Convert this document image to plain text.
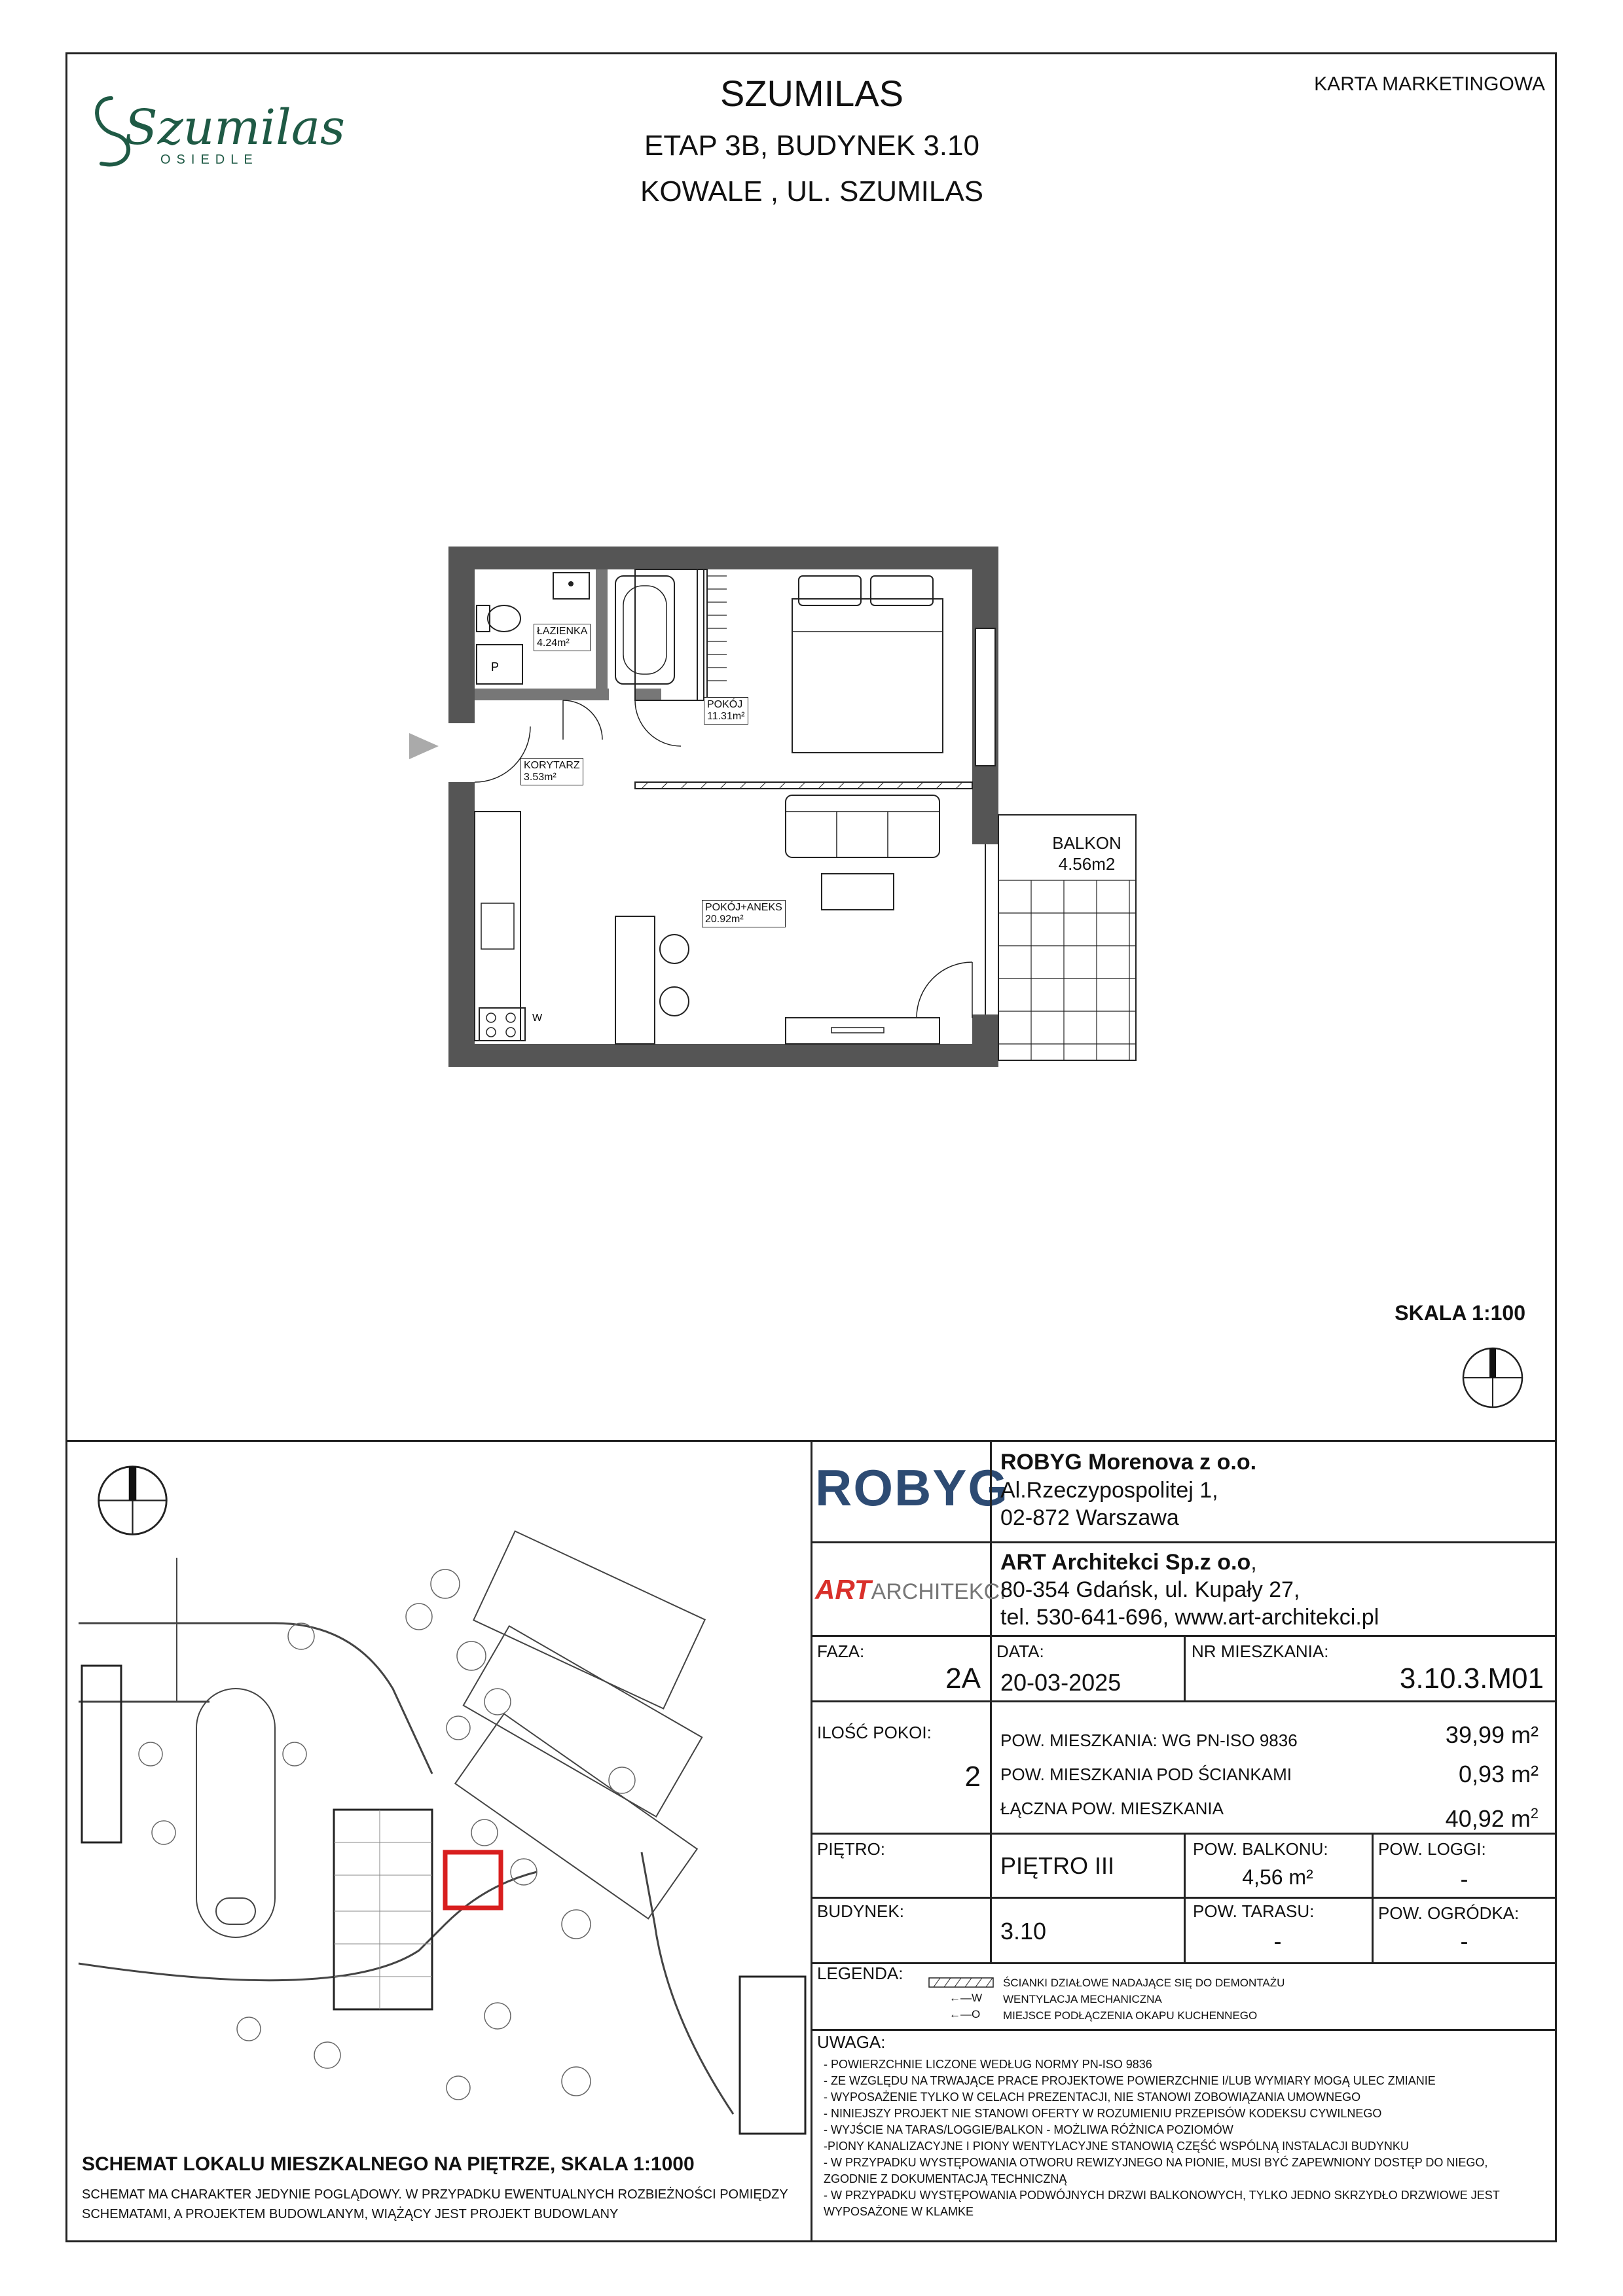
Szumilas
OSIEDLE
SZUMILAS
ETAP 3B, BUDYNEK 3.10
KOWALE , UL. SZUMILAS
KARTA MARKETINGOWA
P
W
ŁAZIENKA
4.24m²
POKÓJ
11.31m²
KORYTARZ
3.53m²
POKÓJ+ANEKS
20.92m²
BALKON
4.56m2
SKALA 1:100
SCHEMAT LOKALU MIESZKALNEGO NA PIĘTRZE, SKALA 1:1000
SCHEMAT MA CHARAKTER JEDYNIE POGLĄDOWY. W PRZYPADKU EWENTUALNYCH ROZBIEŻNOŚCI POMIĘDZY
SCHEMATAMI, A PROJEKTEM BUDOWLANYM, WIĄŻĄCY JEST PROJEKT BUDOWLANY
ROBYG
ROBYG Morenova z o.o.
Al.Rzeczypospolitej 1,
02-872 Warszawa
ARTARCHITEKCI
ART Architekci Sp.z o.o,
80-354 Gdańsk, ul. Kupały 27,
tel. 530-641-696, www.art-architekci.pl
FAZA:
2A
DATA:
20-03-2025
NR MIESZKANIA:
3.10.3.M01
ILOŚĆ POKOI:
2
POW. MIESZKANIA: WG PN-ISO 9836	39,99 m²
POW. MIESZKANIA POD ŚCIANKAMI	0,93 m²
ŁĄCZNA POW. MIESZKANIA	40,92 $m^2$
PIĘTRO:
PIĘTRO III
POW. BALKONU:
4,56 m²
POW. LOGGI:
-
BUDYNEK:
3.10
POW. TARASU:
-
POW. OGRÓDKA:
-
LEGENDA:	ŚCIANKI DZIAŁOWE NADAJĄCE SIĘ DO DEMONTAŻU
←—W WENTYLACJA MECHANICZNA
←—O MIEJSCE PODŁĄCZENIA OKAPU KUCHENNEGO
UWAGA:
- POWIERZCHNIE LICZONE WEDŁUG NORMY PN-ISO 9836
- ZE WZGLĘDU NA TRWAJĄCE PRACE PROJEKTOWE POWIERZCHNIE I/LUB WYMIARY MOGĄ ULEC ZMIANIE
- WYPOSAŻENIE TYLKO W CELACH PREZENTACJI, NIE STANOWI ZOBOWIĄZANIA UMOWNEGO
- NINIEJSZY PROJEKT NIE STANOWI OFERTY W ROZUMIENIU PRZEPISÓW KODEKSU CYWILNEGO
- WYJŚCIE NA TARAS/LOGGIE/BALKON - MOŻLIWA RÓŻNICA POZIOMÓW
-PIONY KANALIZACYJNE I PIONY WENTYLACYJNE STANOWIĄ CZĘŚĆ WSPÓLNĄ INSTALACJI BUDYNKU
- W PRZYPADKU WYSTĘPOWANIA OTWORU REWIZYJNEGO NA PIONIE, MUSI BYĆ ZAPEWNIONY DOSTĘP DO NIEGO,
ZGODNIE Z DOKUMENTACJĄ TECHNICZNĄ
- W PRZYPADKU WYSTĘPOWANIA PODWÓJNYCH DRZWI BALKONOWYCH, TYLKO JEDNO SKRZYDŁO DRZWIOWE JEST
WYPOSAŻONE W KLAMKE
